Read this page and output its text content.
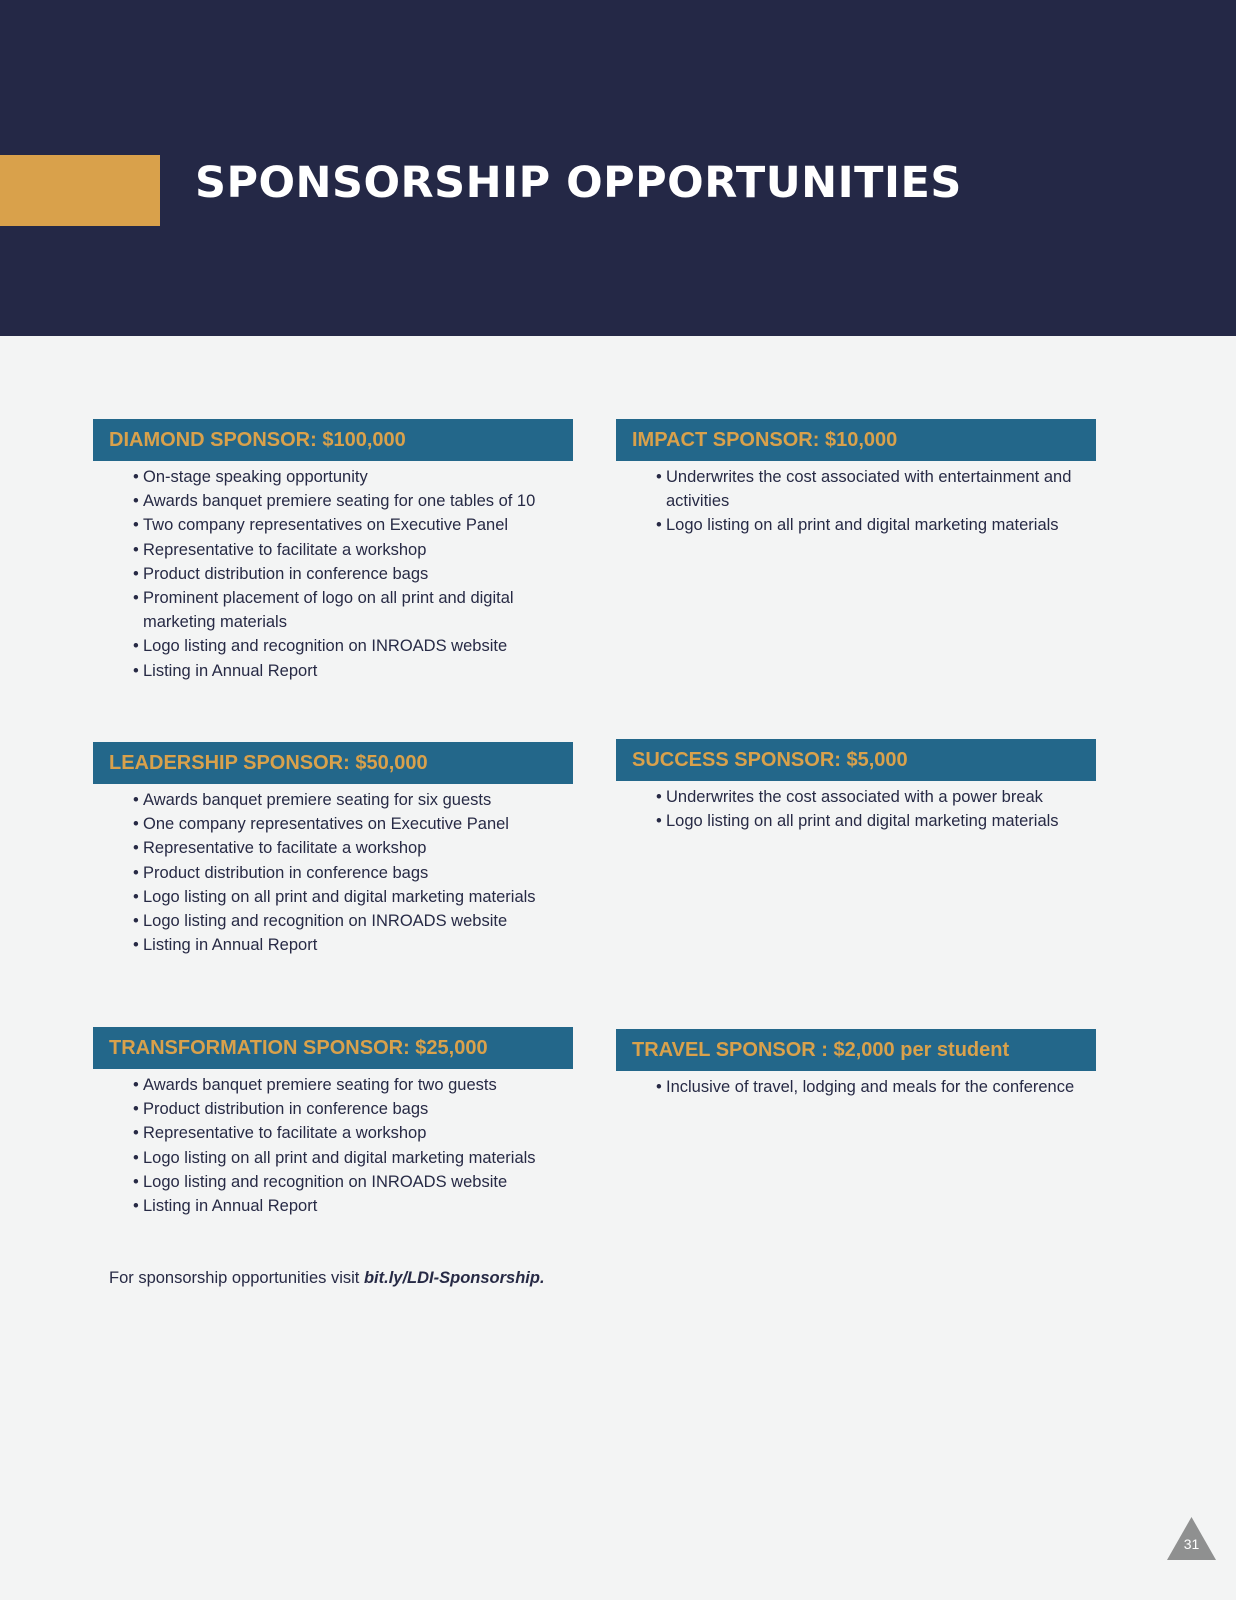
SPONSORSHIP OPPORTUNITIES
DIAMOND SPONSOR: $100,000
• On-stage speaking opportunity
• Awards banquet premiere seating for one tables of 10
• Two company representatives on Executive Panel
• Representative to facilitate a workshop
• Product distribution in conference bags
• Prominent placement of logo on all print and digital marketing materials
• Logo listing and recognition on INROADS website
• Listing in Annual Report
LEADERSHIP SPONSOR: $50,000
• Awards banquet premiere seating for six guests
• One company representatives on Executive Panel
• Representative to facilitate a workshop
• Product distribution in conference bags
• Logo listing on all print and digital marketing materials
• Logo listing and recognition on INROADS website
• Listing in Annual Report
TRANSFORMATION SPONSOR: $25,000
• Awards banquet premiere seating for two guests
• Product distribution in conference bags
• Representative to facilitate a workshop
• Logo listing on all print and digital marketing materials
• Logo listing and recognition on INROADS website
• Listing in Annual Report
IMPACT SPONSOR: $10,000
• Underwrites the cost associated with entertainment and activities
• Logo listing on all print and digital marketing materials
SUCCESS SPONSOR: $5,000
• Underwrites the cost associated with a power break
• Logo listing on all print and digital marketing materials
TRAVEL SPONSOR : $2,000 per student
• Inclusive of travel, lodging and meals for the conference
For sponsorship opportunities visit bit.ly/LDI-Sponsorship.
31
